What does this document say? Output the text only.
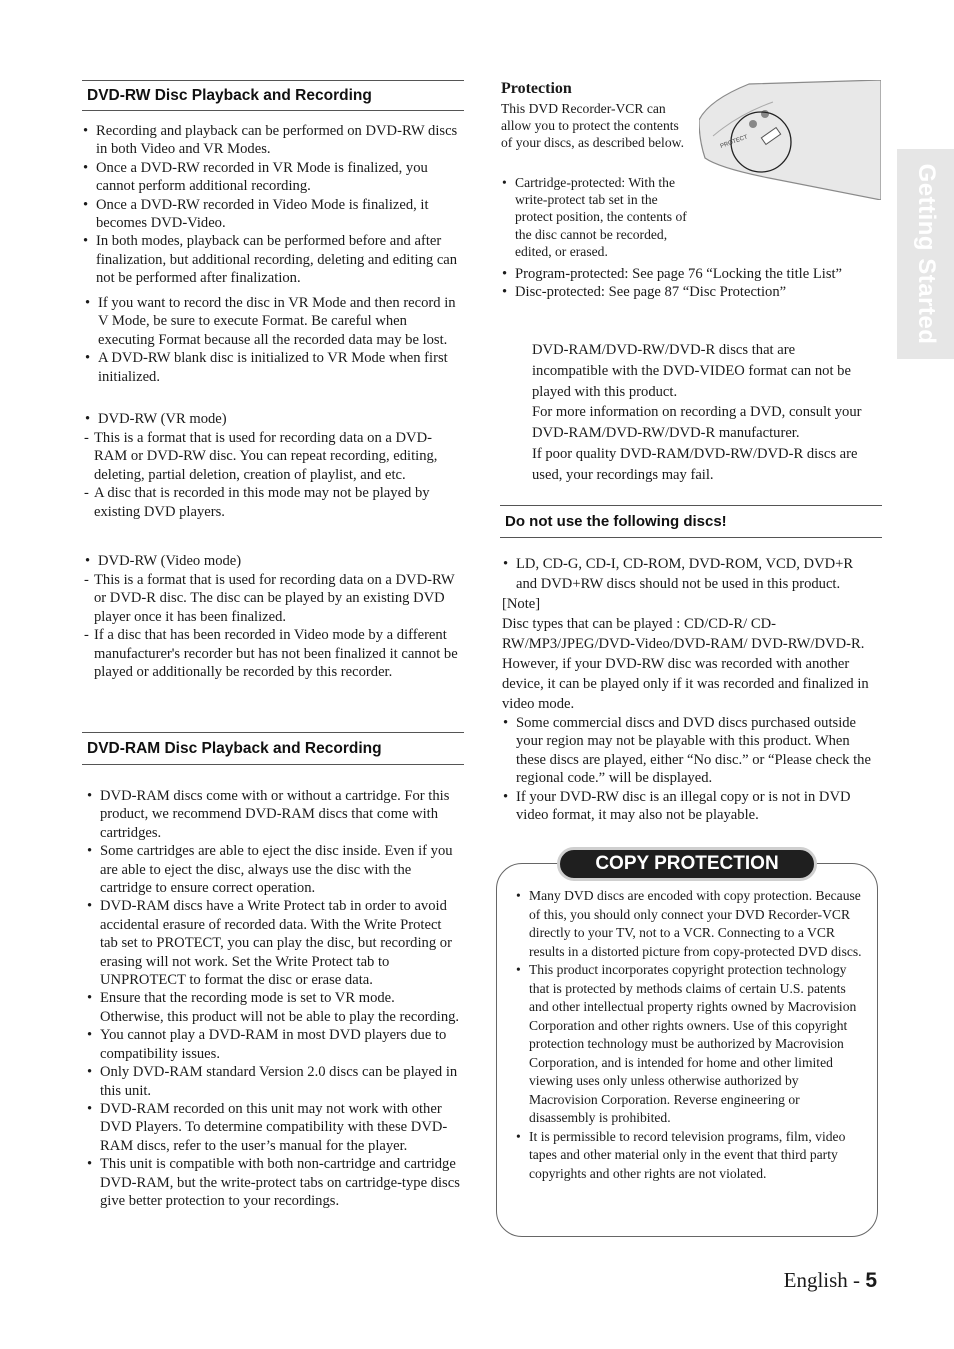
Getting Started
DVD-RW Disc Playback and Recording
• Recording and playback can be performed on DVD-RW discs in both Video and VR Modes.
• Once a DVD-RW recorded in VR Mode is finalized, you cannot perform additional recording.
• Once a DVD-RW recorded in Video Mode is finalized, it becomes DVD-Video.
• In both modes, playback can be performed before and after finalization, but additional recording, deleting and editing can not be performed after finalization.
• If you want to record the disc in VR Mode and then record in V Mode, be sure to execute Format. Be careful when executing Format because all the recorded data may be lost.
• A DVD-RW blank disc is initialized to VR Mode when first initialized.
• DVD-RW (VR mode)
- This is a format that is used for recording data on a DVD-RAM or DVD-RW disc. You can repeat recording, editing, deleting, partial deletion, creation of playlist, and etc.
- A disc that is recorded in this mode may not be played by existing DVD players.
• DVD-RW (Video mode)
- This is a format that is used for recording data on a DVD-RW or DVD-R disc. The disc can be played by an existing DVD player once it has been finalized.
- If a disc that has been recorded in Video mode by a different manufacturer's recorder but has not been finalized it cannot be played or additionally be recorded by this recorder.
DVD-RAM Disc Playback and Recording
• DVD-RAM discs come with or without a cartridge. For this product, we recommend DVD-RAM discs that come with cartridges.
• Some cartridges are able to eject the disc inside. Even if you are able to eject the disc, always use the disc with the cartridge to ensure correct operation.
• DVD-RAM discs have a Write Protect tab in order to avoid accidental erasure of recorded data. With the Write Protect tab set to PROTECT, you can play the disc, but recording or erasing will not work. Set the Write Protect tab to UNPROTECT to format the disc or erase data.
• Ensure that the recording mode is set to VR mode. Otherwise, this product will not be able to play the recording.
• You cannot play a DVD-RAM in most DVD players due to compatibility issues.
• Only DVD-RAM standard Version 2.0 discs can be played in this unit.
• DVD-RAM recorded on this unit may not work with other DVD Players. To determine compatibility with these DVD-RAM discs, refer to the user’s manual for the player.
• This unit is compatible with both non-cartridge and cartridge DVD-RAM, but the write-protect tabs on cartridge-type discs give better protection to your recordings.
Protection

This DVD Recorder-VCR can allow you to protect the contents of your discs, as described below.	PROTECT
• Cartridge-protected: With the write-protect tab set in the protect position, the contents of the disc cannot be recorded, edited, or erased.
• Program-protected: See page 76 “Locking the title List”
• Disc-protected: See page 87 “Disc Protection”
DVD-RAM/DVD-RW/DVD-R discs that are incompatible with the DVD-VIDEO format can not be played with this product.
For more information on recording a DVD, consult your DVD-RAM/DVD-RW/DVD-R manufacturer.
If poor quality DVD-RAM/DVD-RW/DVD-R discs are used, your recordings may fail.
Do not use the following discs!
• LD, CD-G, CD-I, CD-ROM, DVD-ROM, VCD, DVD+R and DVD+RW discs should not be used in this product.
[Note]
Disc types that can be played : CD/CD-R/ CD-RW/MP3/JPEG/DVD-Video/DVD-RAM/ DVD-RW/DVD-R. However, if your DVD-RW disc was recorded with another device, it can be played only if it was recorded and finalized in video mode.
• Some commercial discs and DVD discs purchased outside your region may not be playable with this product. When these discs are played, either “No disc.” or “Please check the regional code.” will be displayed.
• If your DVD-RW disc is an illegal copy or is not in DVD video format, it may also not be playable.
COPY PROTECTION
• Many DVD discs are encoded with copy protection. Because of this, you should only connect your DVD Recorder-VCR directly to your TV, not to a VCR. Connecting to a VCR results in a distorted picture from copy-protected DVD discs.
• This product incorporates copyright protection technology that is protected by methods claims of certain U.S. patents and other intellectual property rights owned by Macrovision Corporation and other rights owners. Use of this copyright protection technology must be authorized by Macrovision Corporation, and is intended for home and other limited viewing uses only unless otherwise authorized by Macrovision Corporation. Reverse engineering or disassembly is prohibited.
• It is permissible to record television programs, film, video tapes and other material only in the event that third party copyrights and other rights are not violated.
English - 5
